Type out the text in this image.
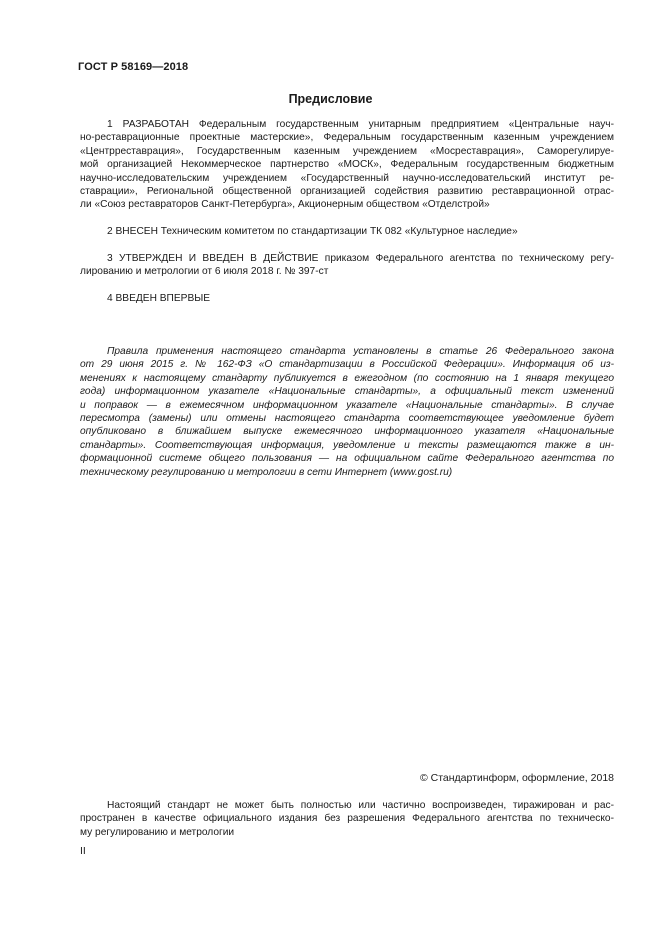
ГОСТ Р 58169—2018
Предисловие
1 РАЗРАБОТАН Федеральным государственным унитарным предприятием «Центральные науч-
но-реставрационные проектные мастерские», Федеральным государственным казенным учреждением
«Центрреставрация», Государственным казенным учреждением «Мосреставрация», Саморегулируе-
мой организацией Некоммерческое партнерство «МОСК», Федеральным государственным бюджетным
научно-исследовательским учреждением «Государственный научно-исследовательский институт ре-
ставрации», Региональной общественной организацией содействия развитию реставрационной отрас-
ли «Союз реставраторов Санкт-Петербурга», Акционерным обществом «Отделстрой»
2 ВНЕСЕН Техническим комитетом по стандартизации ТК 082 «Культурное наследие»
3 УТВЕРЖДЕН И ВВЕДЕН В ДЕЙСТВИЕ приказом Федерального агентства по техническому регу-
лированию и метрологии от 6 июля 2018 г. № 397-ст
4 ВВЕДЕН ВПЕРВЫЕ
Правила применения настоящего стандарта установлены в статье 26 Федерального закона
от 29 июня 2015 г. № 162-ФЗ «О стандартизации в Российской Федерации». Информация об из-
менениях к настоящему стандарту публикуется в ежегодном (по состоянию на 1 января текущего
года) информационном указателе «Национальные стандарты», а официальный текст изменений
и поправок — в ежемесячном информационном указателе «Национальные стандарты». В случае
пересмотра (замены) или отмены настоящего стандарта соответствующее уведомление будет
опубликовано в ближайшем выпуске ежемесячного информационного указателя «Национальные
стандарты». Соответствующая информация, уведомление и тексты размещаются также в ин-
формационной системе общего пользования — на официальном сайте Федерального агентства по
техническому регулированию и метрологии в сети Интернет (www.gost.ru)
© Стандартинформ, оформление, 2018
Настоящий стандарт не может быть полностью или частично воспроизведен, тиражирован и рас-
пространен в качестве официального издания без разрешения Федерального агентства по техническо-
му регулированию и метрологии
II
